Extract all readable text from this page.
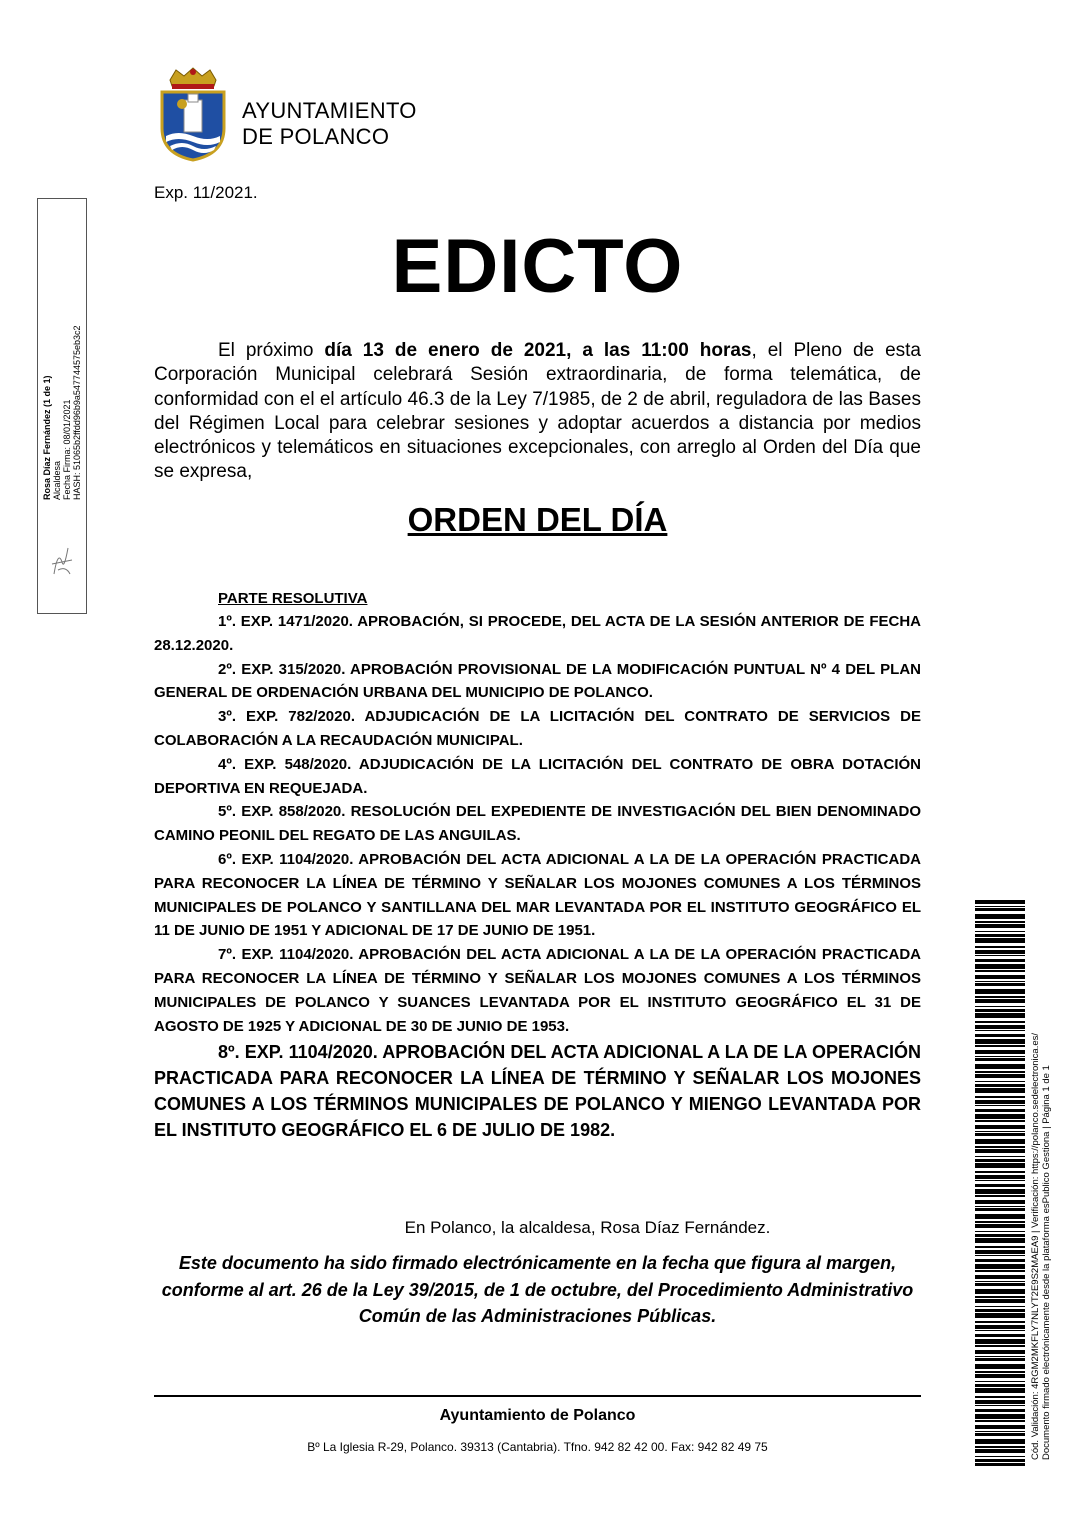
AYUNTAMIENTO
DE POLANCO
Exp. 11/2021.
EDICTO
El próximo día 13 de enero de 2021, a las 11:00 horas, el Pleno de esta Corporación Municipal celebrará Sesión extraordinaria, de forma telemática, de conformidad con el el artículo 46.3 de la Ley 7/1985, de 2 de abril, reguladora de las Bases del Régimen Local para celebrar sesiones y adoptar acuerdos a distancia por medios electrónicos y telemáticos en situaciones excepcionales, con arreglo al Orden del Día que se expresa,
ORDEN DEL DÍA
PARTE RESOLUTIVA

1º. EXP. 1471/2020. APROBACIÓN, SI PROCEDE, DEL ACTA DE LA SESIÓN ANTERIOR DE FECHA 28.12.2020.

2º. EXP. 315/2020. APROBACIÓN PROVISIONAL DE LA MODIFICACIÓN PUNTUAL Nº 4 DEL PLAN GENERAL DE ORDENACIÓN URBANA DEL MUNICIPIO DE POLANCO.

3º. EXP. 782/2020. ADJUDICACIÓN DE LA LICITACIÓN DEL CONTRATO DE SERVICIOS DE COLABORACIÓN A LA RECAUDACIÓN MUNICIPAL.

4º. EXP. 548/2020. ADJUDICACIÓN DE LA LICITACIÓN DEL CONTRATO DE OBRA DOTACIÓN DEPORTIVA EN REQUEJADA.

5º. EXP. 858/2020. RESOLUCIÓN DEL EXPEDIENTE DE INVESTIGACIÓN DEL BIEN DENOMINADO CAMINO PEONIL DEL REGATO DE LAS ANGUILAS.

6º. EXP. 1104/2020. APROBACIÓN DEL ACTA ADICIONAL A LA DE LA OPERACIÓN PRACTICADA PARA RECONOCER LA LÍNEA DE TÉRMINO Y SEÑALAR LOS MOJONES COMUNES A LOS TÉRMINOS MUNICIPALES DE POLANCO Y SANTILLANA DEL MAR LEVANTADA POR EL INSTITUTO GEOGRÁFICO EL 11 DE JUNIO DE 1951 Y ADICIONAL DE 17 DE JUNIO DE 1951.

7º. EXP. 1104/2020. APROBACIÓN DEL ACTA ADICIONAL A LA DE LA OPERACIÓN PRACTICADA PARA RECONOCER LA LÍNEA DE TÉRMINO Y SEÑALAR LOS MOJONES COMUNES A LOS TÉRMINOS MUNICIPALES DE POLANCO Y SUANCES LEVANTADA POR EL INSTITUTO GEOGRÁFICO EL 31 DE AGOSTO DE 1925 Y ADICIONAL DE 30 DE JUNIO DE 1953.

8º. EXP. 1104/2020. APROBACIÓN DEL ACTA ADICIONAL A LA DE LA OPERACIÓN PRACTICADA PARA RECONOCER LA LÍNEA DE TÉRMINO Y SEÑALAR LOS MOJONES COMUNES A LOS TÉRMINOS MUNICIPALES DE POLANCO Y MIENGO LEVANTADA POR EL INSTITUTO GEOGRÁFICO EL 6 DE JULIO DE 1982.

En Polanco, la alcaldesa, Rosa Díaz Fernández.
Este documento ha sido firmado electrónicamente en la fecha que figura al margen, conforme al art. 26 de la Ley 39/2015, de 1 de octubre, del Procedimiento Administrativo Común de las Administraciones Públicas.
Ayuntamiento de Polanco
Bº La Iglesia R-29, Polanco. 39313 (Cantabria). Tfno. 942 82 42 00. Fax: 942 82 49 75
Rosa Díaz Fernández (1 de 1) Alcaldesa Fecha Firma: 08/01/2021 HASH: 51065b2ffdd96b9a547744575eb3c2
Cód. Validación: 4RGM2MKFLY7NLYT2E9S2MAEA9 | Verificación: https://polanco.sedelectronica.es/ Documento firmado electrónicamente desde la plataforma esPublico Gestiona | Página 1 de 1
